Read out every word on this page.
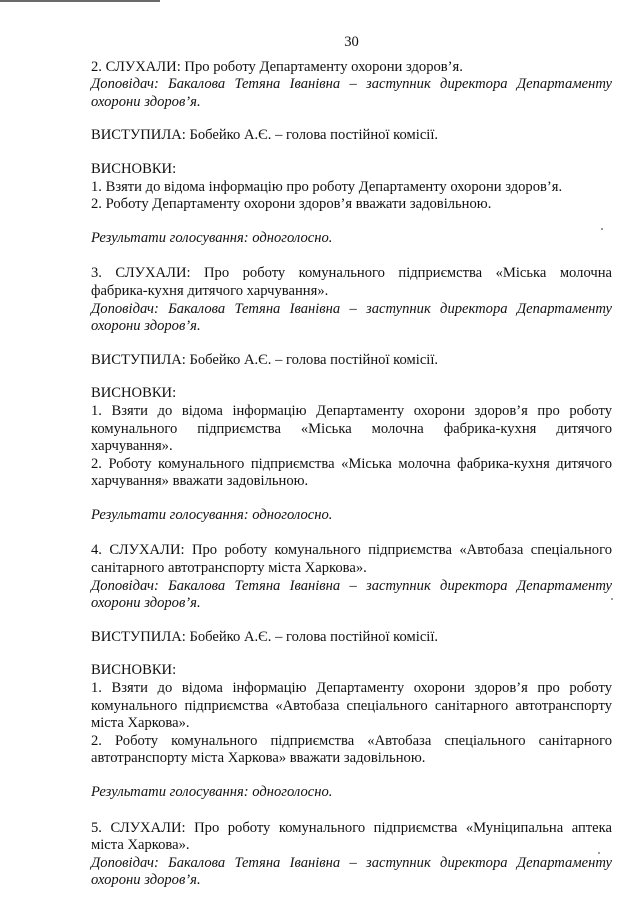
30
2. СЛУХАЛИ: Про роботу Департаменту охорони здоров’я.
Доповідач: Бакалова Тетяна Іванівна – заступник директора Департаменту
охорони здоров’я.
ВИСТУПИЛА: Бобейко А.Є. – голова постійної комісії.
ВИСНОВКИ:
1. Взяти до відома інформацію про роботу Департаменту охорони здоров’я.
2. Роботу Департаменту охорони здоров’я вважати задовільною.
Результати голосування: одноголосно.
3. СЛУХАЛИ: Про роботу комунального підприємства «Міська молочна
фабрика-кухня дитячого харчування».
Доповідач: Бакалова Тетяна Іванівна – заступник директора Департаменту
охорони здоров’я.
ВИСТУПИЛА: Бобейко А.Є. – голова постійної комісії.
ВИСНОВКИ:
1. Взяти до відома інформацію Департаменту охорони здоров’я про роботу
комунального підприємства «Міська молочна фабрика-кухня дитячого
харчування».
2. Роботу комунального підприємства «Міська молочна фабрика-кухня дитячого
харчування» вважати задовільною.
Результати голосування: одноголосно.
4. СЛУХАЛИ: Про роботу комунального підприємства «Автобаза спеціального
санітарного автотранспорту міста Харкова».
Доповідач: Бакалова Тетяна Іванівна – заступник директора Департаменту
охорони здоров’я.
ВИСТУПИЛА: Бобейко А.Є. – голова постійної комісії.
ВИСНОВКИ:
1. Взяти до відома інформацію Департаменту охорони здоров’я про роботу
комунального підприємства «Автобаза спеціального санітарного автотранспорту
міста Харкова».
2. Роботу комунального підприємства «Автобаза спеціального санітарного
автотранспорту міста Харкова» вважати задовільною.
Результати голосування: одноголосно.
5. СЛУХАЛИ: Про роботу комунального підприємства «Муніципальна аптека
міста Харкова».
Доповідач: Бакалова Тетяна Іванівна – заступник директора Департаменту
охорони здоров’я.
